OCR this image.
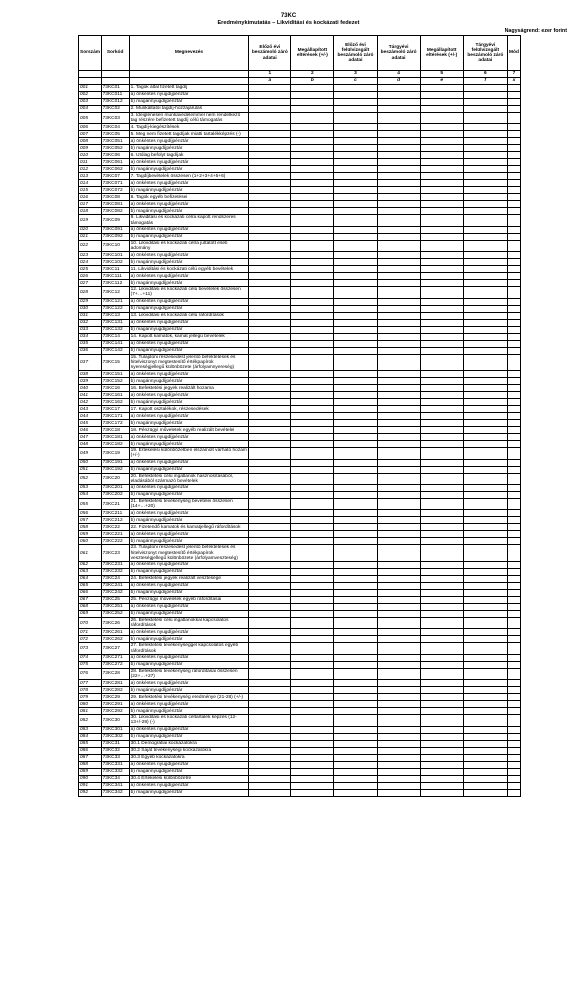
73KC
Eredménykimutatás – Likviditási és kockázati fedezet
Nagyságrend: ezer forint
Sorszám	Sorkód	Megnevezés	Előző évi beszámoló záró adatai	Megállapított eltérések (+/-)	Előző évi felülvizsgált beszámoló záró adatai	Tárgyévi beszámoló záró adatai	Megállapított eltérések (+/-)	Tárgyévi felülvizsgált beszámoló záró adatai	Mód
			1	2	3	4	5	6	7
			a	b	c	d	e	f	x
001	73KC01	1. Tagok által fizetett tagdíj							
002	73KC011	a) önkéntes nyugdíjpénztár							
003	73KC012	b) magánnyugdíjpénztár							
004	73KC02	2. Munkáltatói tagdíj-hozzájárulás							
005	73KC03	3. Ideiglenesen munkavédelemmel nem rendelkező tag részére befizetett tagdíj célú támogatás							
006	73KC04	4. Tagdíj-kiegészítések							
007	73KC05	5. Meg nem fizetett tagdíjak miatti tartalékképzés (-)							
008	73KC051	a) önkéntes nyugdíjpénztár							
009	73KC052	b) magánnyugdíjpénztár							
010	73KC06	6. Utólag befolyt tagdíjak							
011	73KC061	a) önkéntes nyugdíjpénztár							
012	73KC062	b) magánnyugdíjpénztár							
013	73KC07	7. Tagdíjbevételek összesen (1+2+3+4+5+6)							
014	73KC071	a) önkéntes nyugdíjpénztár							
015	73KC072	b) magánnyugdíjpénztár							
016	73KC08	8. Tagok egyéb befizetései							
017	73KC081	a) önkéntes nyugdíjpénztár							
018	73KC082	b) magánnyugdíjpénztár							
019	73KC09	9. Likviditási és kockázati célra kapott rendszeres támogatás							
020	73KC091	a) önkéntes nyugdíjpénztár							
021	73KC092	b) magánnyugdíjpénztár							
022	73KC10	10. Likviditási és kockázati célra juttatott eseti adomány							
023	73KC101	a) önkéntes nyugdíjpénztár							
024	73KC102	b) magánnyugdíjpénztár							
025	73KC11	11. Likviditási és kockázati célú egyéb bevételek							
026	73KC111	a) önkéntes nyugdíjpénztár							
027	73KC112	b) magánnyugdíjpénztár							
028	73KC12	12. Likviditási és kockázati célú bevételek összesen (7+…+11)							
029	73KC121	a) önkéntes nyugdíjpénztár							
030	73KC122	b) magánnyugdíjpénztár							
031	73KC13	13. Likviditási és kockázati célú ráfordítások							
032	73KC131	a) önkéntes nyugdíjpénztár							
033	73KC132	b) magánnyugdíjpénztár							
034	73KC14	14. Kapott kamatok, kamat jellegű bevételek							
035	73KC141	a) önkéntes nyugdíjpénztár							
036	73KC142	b) magánnyugdíjpénztár							
037	73KC15	15. Tulajdoni részesedést jelentő befektetések és hitelviszonyt megtestesítő értékpapírok nyereségjellegű különbözete (árfolyamnyereség)							
038	73KC151	a) önkéntes nyugdíjpénztár							
039	73KC152	b) magánnyugdíjpénztár							
040	73KC16	16. Befektetési jegyek realizált hozama							
041	73KC161	a) önkéntes nyugdíjpénztár							
042	73KC162	b) magánnyugdíjpénztár							
043	73KC17	17. Kapott osztalékok, részesedések							
044	73KC171	a) önkéntes nyugdíjpénztár							
045	73KC172	b) magánnyugdíjpénztár							
046	73KC18	18. Pénzügyi műveletek egyéb realizált bevételei							
047	73KC181	a) önkéntes nyugdíjpénztár							
048	73KC182	b) magánnyugdíjpénztár							
049	73KC19	19. Értékelési különbözetben elszámolt várható hozam (+/-)							
050	73KC191	a) önkéntes nyugdíjpénztár							
051	73KC192	b) magánnyugdíjpénztár							
052	73KC20	20. Befektetési célú ingatlanok hasznosításából, eladásából származó bevételek							
053	73KC201	a) önkéntes nyugdíjpénztár							
054	73KC202	b) magánnyugdíjpénztár							
055	73KC21	21. Befektetési tevékenység bevételei összesen (14+…+20)							
056	73KC211	a) önkéntes nyugdíjpénztár							
057	73KC212	b) magánnyugdíjpénztár							
058	73KC22	22. Fizetendő kamatok és kamatjellegű ráfordítások							
059	73KC221	a) önkéntes nyugdíjpénztár							
060	73KC222	b) magánnyugdíjpénztár							
061	73KC23	23. Tulajdoni részesedést jelentő befektetések és hitelviszonyt megtestesítő értékpapírok veszteségjellegű különbözete (árfolyamveszteség)							
062	73KC231	a) önkéntes nyugdíjpénztár							
063	73KC232	b) magánnyugdíjpénztár							
064	73KC24	24. Befektetési jegyek realizált vesztesége							
065	73KC241	a) önkéntes nyugdíjpénztár							
066	73KC242	b) magánnyugdíjpénztár							
067	73KC25	25. Pénzügyi műveletek egyéb ráfordításai							
068	73KC251	a) önkéntes nyugdíjpénztár							
069	73KC252	b) magánnyugdíjpénztár							
070	73KC26	26. Befektetési célú ingatlanokkal kapcsolatos ráfordítások							
071	73KC261	a) önkéntes nyugdíjpénztár							
072	73KC262	b) magánnyugdíjpénztár							
073	73KC27	27. Befektetési tevékenységgel kapcsolatos egyéb ráfordítások							
074	73KC271	a) önkéntes nyugdíjpénztár							
075	73KC272	b) magánnyugdíjpénztár							
076	73KC28	28. Befektetési tevékenység ráfordításai összesen (22+…+27)							
077	73KC281	a) önkéntes nyugdíjpénztár							
078	73KC282	b) magánnyugdíjpénztár							
079	73KC29	29. Befektetési tevékenység eredménye (21-28) (+/-)							
080	73KC291	a) önkéntes nyugdíjpénztár							
081	73KC292	b) magánnyugdíjpénztár							
082	73KC30	30. Likviditási és kockázati céltartalék képzés (12-13+/-29) (-)							
083	73KC301	a) önkéntes nyugdíjpénztár							
084	73KC302	b) magánnyugdíjpénztár							
085	73KC31	30.1 Demográfiai kockázatokra							
086	73KC32	30.2 Saját tevékenységi kockázatokra							
087	73KC33	30.3 Egyéb kockázatokra							
088	73KC331	a) önkéntes nyugdíjpénztár							
089	73KC332	b) magánnyugdíjpénztár							
090	73KC34	30.4 Értékelési különbözetre							
091	73KC341	a) önkéntes nyugdíjpénztár							
092	73KC342	b) magánnyugdíjpénztár							
